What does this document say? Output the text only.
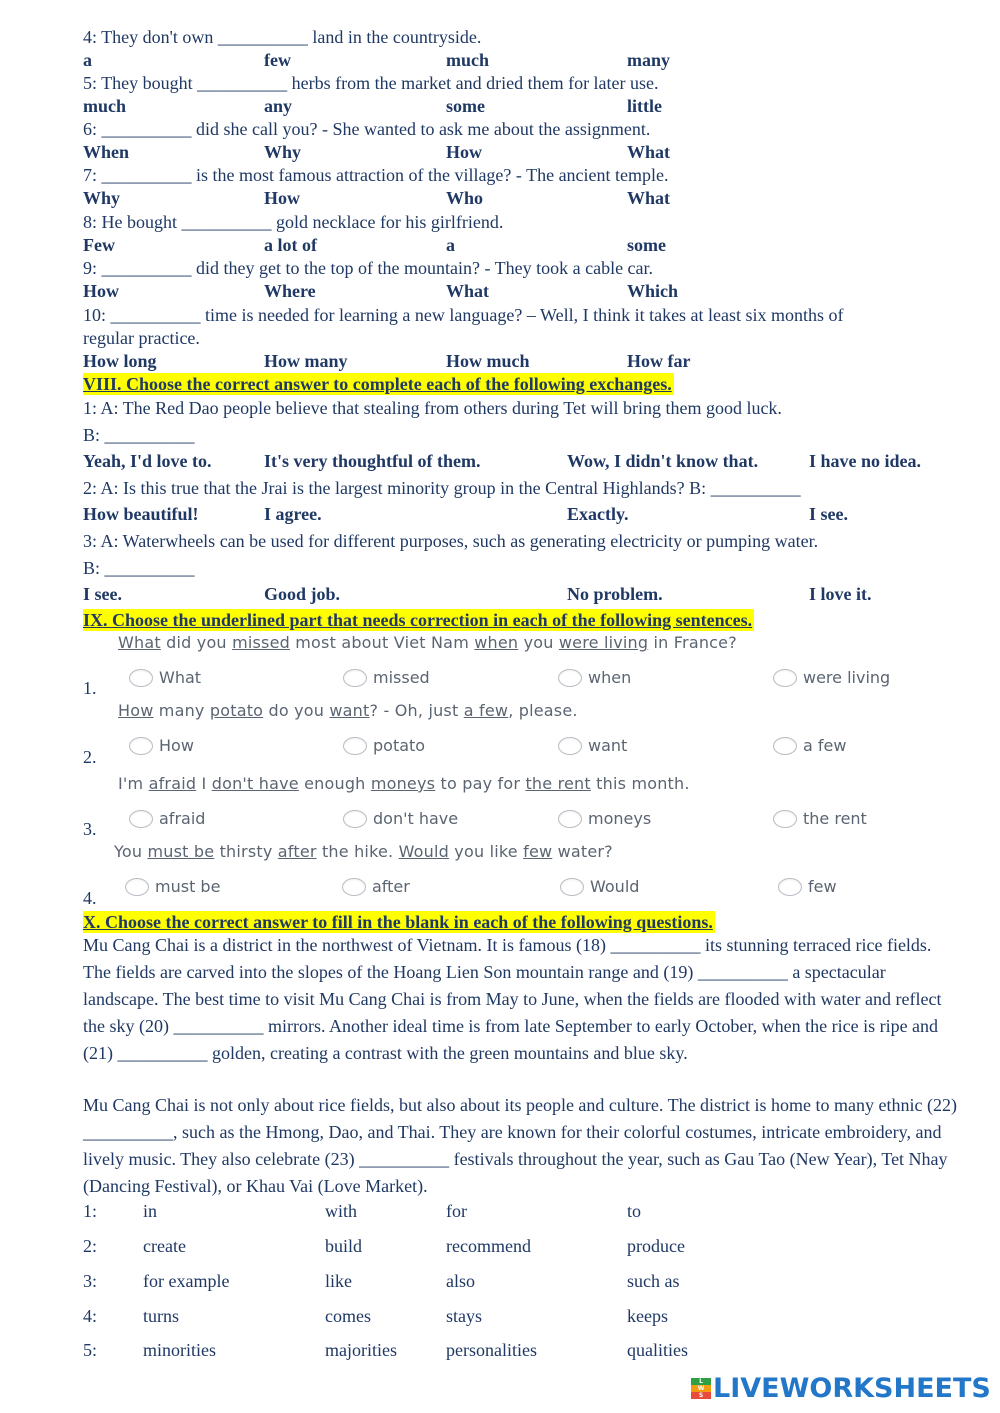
4: They don't own __________ land in the countryside.
a	few	much	many
5: They bought __________ herbs from the market and dried them for later use.
much	any	some	little
6: __________ did she call you? - She wanted to ask me about the assignment.
When	Why	How	What
7: __________ is the most famous attraction of the village? - The ancient temple.
Why	How	Who	What
8: He bought __________ gold necklace for his girlfriend.
Few	a lot of	a	some
9: __________ did they get to the top of the mountain? - They took a cable car.
How	Where	What	Which
10: __________ time is needed for learning a new language? – Well, I think it takes at least six months of
regular practice.
How long	How many	How much	How far
VIII. Choose the correct answer to complete each of the following exchanges.
1: A: The Red Dao people believe that stealing from others during Tet will bring them good luck.
B: __________
Yeah, I'd love to.	It's very thoughtful of them.	Wow, I didn't know that.	I have no idea.
2: A: Is this true that the Jrai is the largest minority group in the Central Highlands? B: __________
How beautiful!	I agree.	Exactly.	I see.
3: A: Waterwheels can be used for different purposes, such as generating electricity or pumping water.
B: __________
I see.	Good job.	No problem.	I love it.
IX. Choose the underlined part that needs correction in each of the following sentences.
What did you missed most about Viet Nam when you were living in France?
1.
What	missed	when	were living
How many potato do you want? - Oh, just a few, please.
2.
How	potato	want	a few
I'm afraid I don't have enough moneys to pay for the rent this month.
3.
afraid	don't have	moneys	the rent
You must be thirsty after the hike. Would you like few water?
4.
must be	after	Would	few
X. Choose the correct answer to fill in the blank in each of the following questions.
Mu Cang Chai is a district in the northwest of Vietnam. It is famous (18) __________ its stunning terraced rice fields. The fields are carved into the slopes of the Hoang Lien Son mountain range and (19) __________ a spectacular landscape. The best time to visit Mu Cang Chai is from May to June, when the fields are flooded with water and reflect the sky (20) __________ mirrors. Another ideal time is from late September to early October, when the rice is ripe and (21) __________ golden, creating a contrast with the green mountains and blue sky.
Mu Cang Chai is not only about rice fields, but also about its people and culture. The district is home to many ethnic (22) __________, such as the Hmong, Dao, and Thai. They are known for their colorful costumes, intricate embroidery, and lively music. They also celebrate (23) __________ festivals throughout the year, such as Gau Tao (New Year), Tet Nhay (Dancing Festival), or Khau Vai (Love Market).
1:	in	with	for	to
2:	create	build	recommend	produce
3:	for example	like	also	such as
4:	turns	comes	stays	keeps
5:	minorities	majorities	personalities	qualities
L
W
S LIVEWORKSHEETS
